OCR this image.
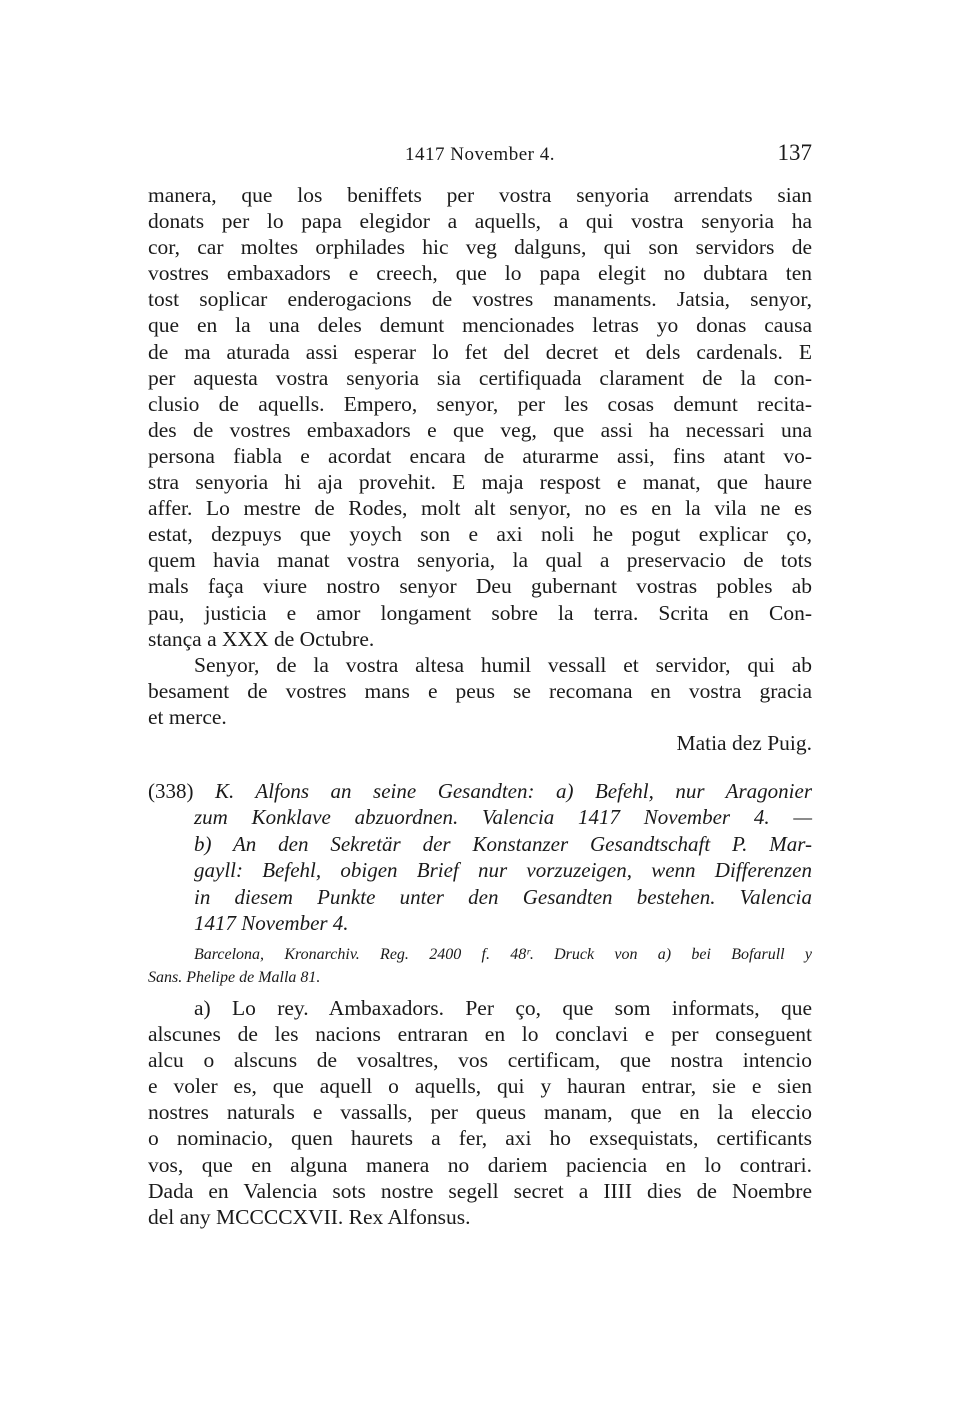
1417 November 4.	137
manera, que los beniffets per vostra senyoria arrendats sian
donats per lo papa elegidor a aquells, a qui vostra senyoria ha
cor, car moltes orphilades hic veg dalguns, qui son servidors de
vostres embaxadors e creech, que lo papa elegit no dubtara ten
tost soplicar enderogacions de vostres manaments. Jatsia, senyor,
que en la una deles demunt mencionades letras yo donas causa
de ma aturada assi esperar lo fet del decret et dels cardenals. E
per aquesta vostra senyoria sia certifiquada clarament de la con-
clusio de aquells. Empero, senyor, per les cosas demunt recita-
des de vostres embaxadors e que veg, que assi ha necessari una
persona fiabla e acordat encara de aturarme assi, fins atant vo-
stra senyoria hi aja provehit. E maja respost e manat, que haure
affer. Lo mestre de Rodes, molt alt senyor, no es en la vila ne es
estat, dezpuys que yoych son e axi noli he pogut explicar ço,
quem havia manat vostra senyoria, la qual a preservacio de tots
mals faça viure nostro senyor Deu gubernant vostras pobles ab
pau, justicia e amor longament sobre la terra. Scrita en Con-
stança a XXX de Octubre.
Senyor, de la vostra altesa humil vessall et servidor, qui ab
besament de vostres mans e peus se recomana en vostra gracia
et merce.
Matia dez Puig.
(338) K. Alfons an seine Gesandten: a) Befehl, nur Aragonier
zum Konklave abzuordnen. Valencia 1417 November 4. —
b) An den Sekretär der Konstanzer Gesandtschaft P. Mar-
gayll: Befehl, obigen Brief nur vorzuzeigen, wenn Differenzen
in diesem Punkte unter den Gesandten bestehen. Valencia
1417 November 4.
Barcelona, Kronarchiv. Reg. 2400 f. 48ʳ. Druck von a) bei Bofarull y
Sans. Phelipe de Malla 81.
a) Lo rey. Ambaxadors. Per ço, que som informats, que
alscunes de les nacions entraran en lo conclavi e per conseguent
alcu o alscuns de vosaltres, vos certificam, que nostra intencio
e voler es, que aquell o aquells, qui y hauran entrar, sie e sien
nostres naturals e vassalls, per queus manam, que en la eleccio
o nominacio, quen haurets a fer, axi ho exsequistats, certificants
vos, que en alguna manera no dariem paciencia en lo contrari.
Dada en Valencia sots nostre segell secret a IIII dies de Noembre
del any MCCCCXVII. Rex Alfonsus.
